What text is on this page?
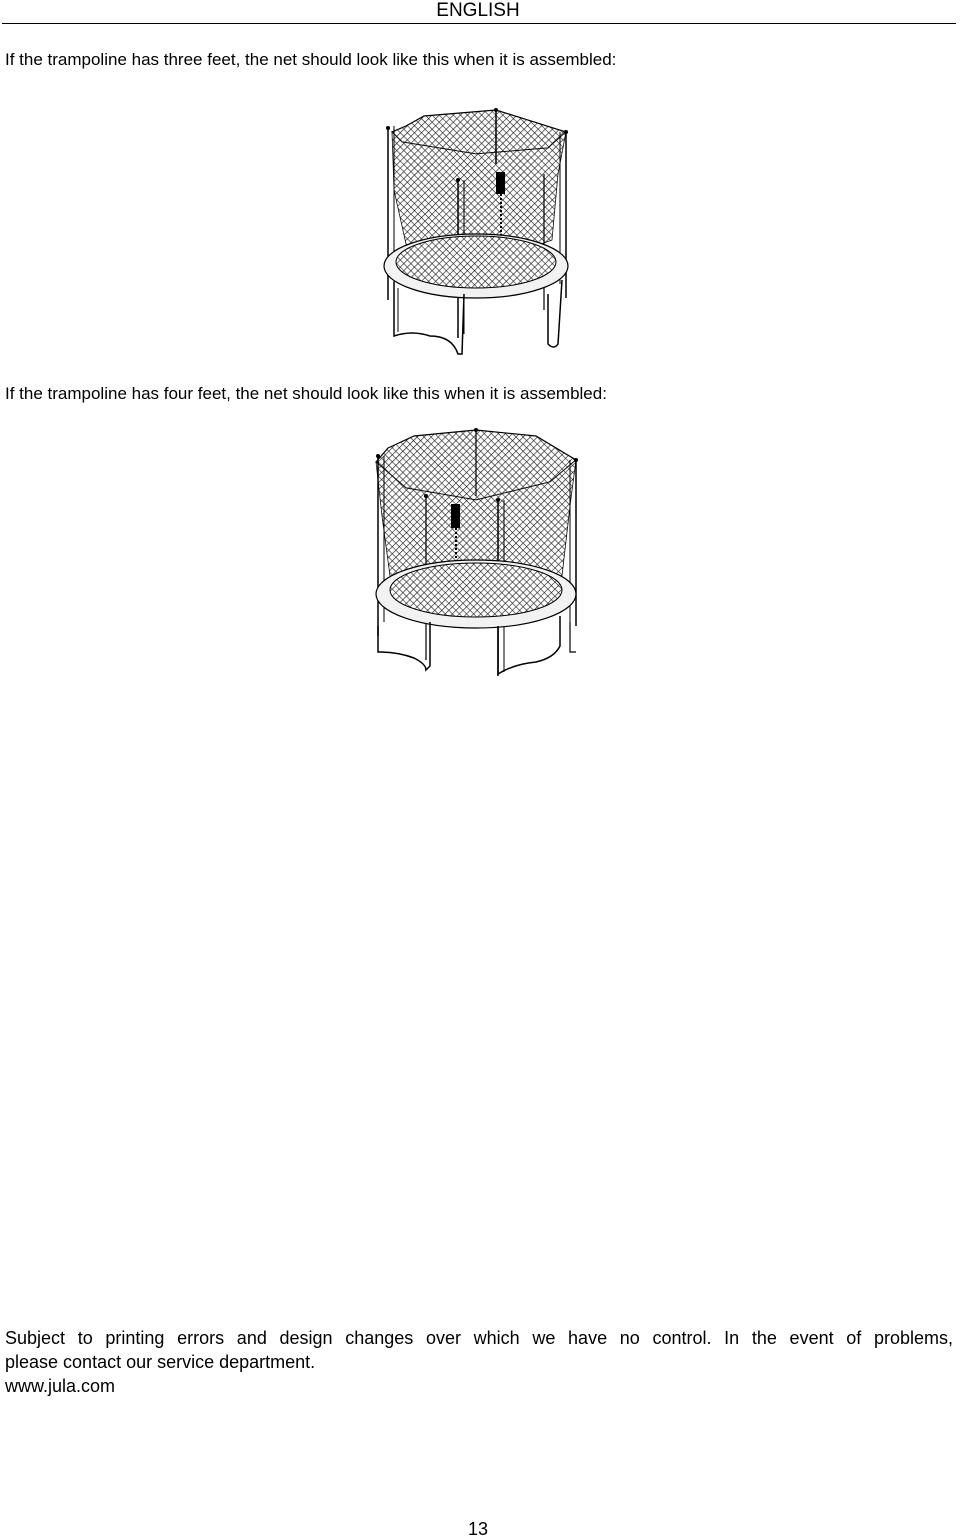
ENGLISH
If the trampoline has three feet, the net should look like this when it is assembled:
If the trampoline has four feet, the net should look like this when it is assembled:
Subject to printing errors and design changes over which we have no control. In the event of problems,
please contact our service department.
www.jula.com
13
